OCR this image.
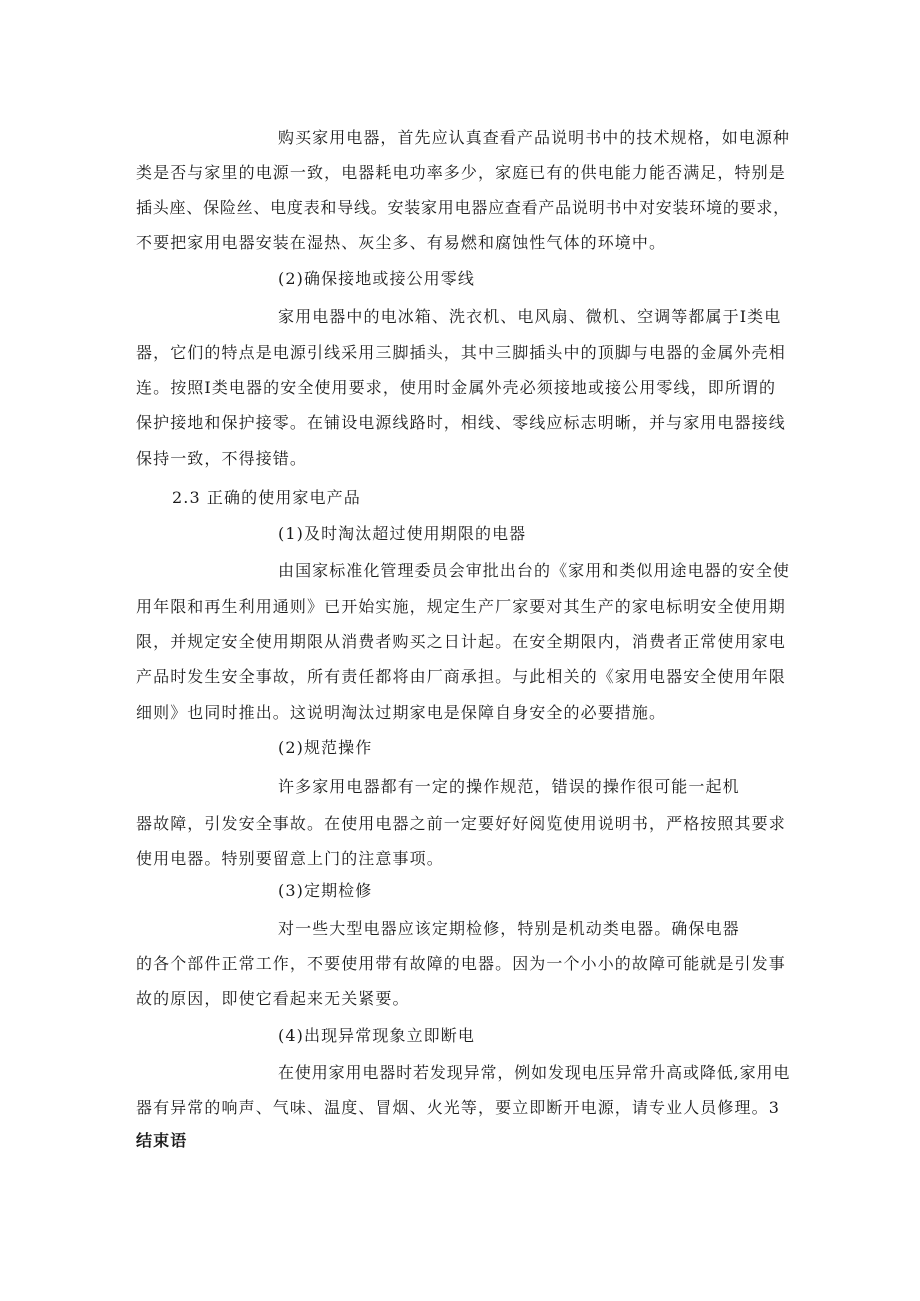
购买家用电器，首先应认真查看产品说明书中的技术规格，如电源种
类是否与家里的电源一致，电器耗电功率多少，家庭已有的供电能力能否满足，特别是
插头座、保险丝、电度表和导线。安装家用电器应查看产品说明书中对安装环境的要求，
不要把家用电器安装在湿热、灰尘多、有易燃和腐蚀性气体的环境中。
(2)确保接地或接公用零线
家用电器中的电冰箱、洗衣机、电风扇、微机、空调等都属于Ⅰ类电
器，它们的特点是电源引线采用三脚插头，其中三脚插头中的顶脚与电器的金属外壳相
连。按照Ⅰ类电器的安全使用要求，使用时金属外壳必须接地或接公用零线，即所谓的
保护接地和保护接零。在铺设电源线路时，相线、零线应标志明晰，并与家用电器接线
保持一致，不得接错。
2.3 正确的使用家电产品
(1)及时淘汰超过使用期限的电器
由国家标准化管理委员会审批出台的《家用和类似用途电器的安全使
用年限和再生利用通则》已开始实施，规定生产厂家要对其生产的家电标明安全使用期
限，并规定安全使用期限从消费者购买之日计起。在安全期限内，消费者正常使用家电
产品时发生安全事故，所有责任都将由厂商承担。与此相关的《家用电器安全使用年限
细则》也同时推出。这说明淘汰过期家电是保障自身安全的必要措施。
(2)规范操作
许多家用电器都有一定的操作规范，错误的操作很可能一起机
器故障，引发安全事故。在使用电器之前一定要好好阅览使用说明书，严格按照其要求
使用电器。特别要留意上门的注意事项。
(3)定期检修
对一些大型电器应该定期检修，特别是机动类电器。确保电器
的各个部件正常工作，不要使用带有故障的电器。因为一个小小的故障可能就是引发事
故的原因，即使它看起来无关紧要。
(4)出现异常现象立即断电
在使用家用电器时若发现异常，例如发现电压异常升高或降低,家用电
器有异常的响声、气味、温度、冒烟、火光等，要立即断开电源，请专业人员修理。3
结束语
